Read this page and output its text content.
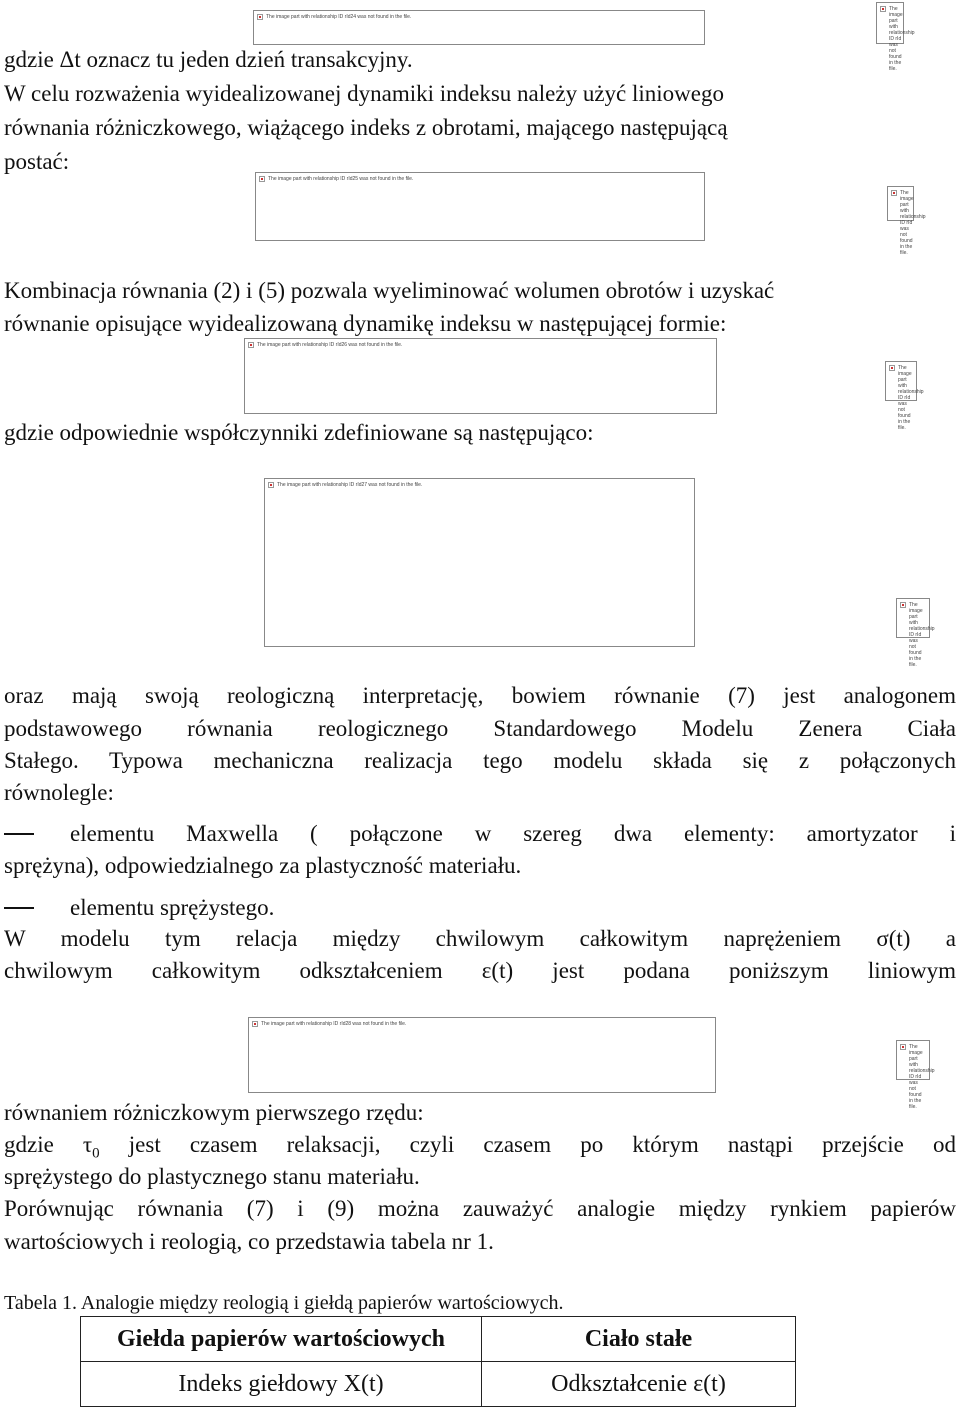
The image part with relationship ID rId24 was not found in the file.
The image part with relationship ID rId was not found in the file.

gdzie Δt oznacz tu jeden dzień transakcyjny.

W celu rozważenia wyidealizowanej dynamiki indeksu należy użyć liniowego

równania różniczkowego, wiążącego indeks z obrotami, mającego następującą

postać:

The image part with relationship ID rId25 was not found in the file.
The image part with relationship ID rId was not found in the file.

Kombinacja równania (2) i (5) pozwala wyeliminować wolumen obrotów i uzyskać

równanie opisujące wyidealizowaną dynamikę indeksu w następującej formie:

The image part with relationship ID rId26 was not found in the file.
The image part with relationship ID rId was not found in the file.

gdzie odpowiednie współczynniki zdefiniowane są następująco:

The image part with relationship ID rId27 was not found in the file.
The image part with relationship ID rId was not found in the file.

oraz mają swoją reologiczną interpretację, bowiem równanie (7) jest analogonem

podstawowego równania reologicznego Standardowego Modelu Zenera Ciała

Stałego. Typowa mechaniczna realizacja tego modelu składa się z połączonych

równolegle:

elementu Maxwella ( połączone w szereg dwa elementy: amortyzator i

sprężyna), odpowiedzialnego za plastyczność materiału.

elementu sprężystego.

W modelu tym relacja między chwilowym całkowitym naprężeniem σ(t) a

chwilowym całkowitym odkształceniem ε(t) jest podana poniższym liniowym

The image part with relationship ID rId28 was not found in the file.
The image part with relationship ID rId was not found in the file.

równaniem różniczkowym pierwszego rzędu:

gdzie $\tau_0$ jest czasem relaksacji, czyli czasem po którym nastąpi przejście od

sprężystego do plastycznego stanu materiału.

Porównując równania (7) i (9) można zauważyć analogie między rynkiem papierów

wartościowych i reologią, co przedstawia tabela nr 1.

Tabela 1. Analogie między reologią i giełdą papierów wartościowych.

Giełda papierów wartościowych	Ciało stałe
Indeks giełdowy X(t)	Odkształcenie ε(t)
